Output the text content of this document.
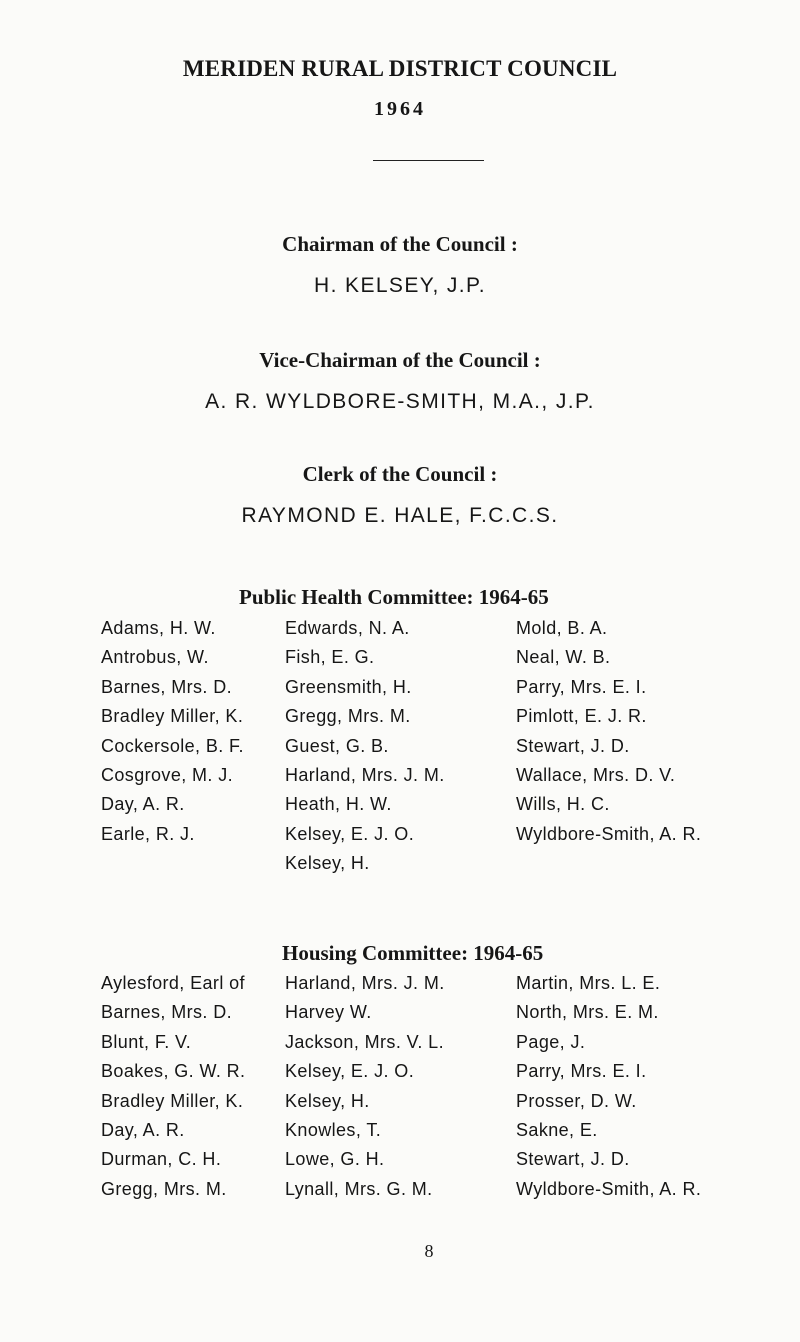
MERIDEN RURAL DISTRICT COUNCIL
1964
Chairman of the Council :
H. KELSEY, J.P.
Vice-Chairman of the Council :
A. R. WYLDBORE-SMITH, M.A., J.P.
Clerk of the Council :
RAYMOND E. HALE, F.C.C.S.
Public Health Committee: 1964-65
Adams, H. W.
Antrobus, W.
Barnes, Mrs. D.
Bradley Miller, K.
Cockersole, B. F.
Cosgrove, M. J.
Day, A. R.
Earle, R. J.
Edwards, N. A.
Fish, E. G.
Greensmith, H.
Gregg, Mrs. M.
Guest, G. B.
Harland, Mrs. J. M.
Heath, H. W.
Kelsey, E. J. O.
Kelsey, H.
Mold, B. A.
Neal, W. B.
Parry, Mrs. E. I.
Pimlott, E. J. R.
Stewart, J. D.
Wallace, Mrs. D. V.
Wills, H. C.
Wyldbore-Smith, A. R.
Housing Committee: 1964-65
Aylesford, Earl of
Barnes, Mrs. D.
Blunt, F. V.
Boakes, G. W. R.
Bradley Miller, K.
Day, A. R.
Durman, C. H.
Gregg, Mrs. M.
Harland, Mrs. J. M.
Harvey W.
Jackson, Mrs. V. L.
Kelsey, E. J. O.
Kelsey, H.
Knowles, T.
Lowe, G. H.
Lynall, Mrs. G. M.
Martin, Mrs. L. E.
North, Mrs. E. M.
Page, J.
Parry, Mrs. E. I.
Prosser, D. W.
Sakne, E.
Stewart, J. D.
Wyldbore-Smith, A. R.
8
